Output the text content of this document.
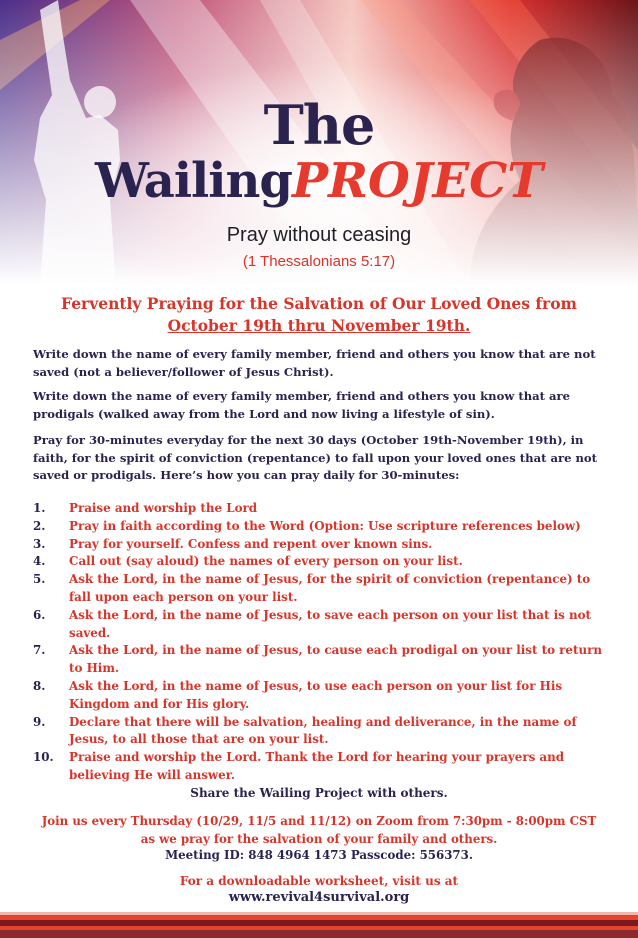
The
WailingPROJECT
Pray without ceasing
(1 Thessalonians 5:17)
Fervently Praying for the Salvation of Our Loved Ones from
October 19th thru November 19th.
Write down the name of every family member, friend and others you know that are not saved (not a believer/follower of Jesus Christ).
Write down the name of every family member, friend and others you know that are prodigals (walked away from the Lord and now living a lifestyle of sin).
Pray for 30-minutes everyday for the next 30 days (October 19th-November 19th), in faith, for the spirit of conviction (repentance) to fall upon your loved ones that are not saved or prodigals. Here’s how you can pray daily for 30-minutes:
1. Praise and worship the Lord
2. Pray in faith according to the Word (Option: Use scripture references below)
3. Pray for yourself. Confess and repent over known sins.
4. Call out (say aloud) the names of every person on your list.
5. Ask the Lord, in the name of Jesus, for the spirit of conviction (repentance) to fall upon each person on your list.
6. Ask the Lord, in the name of Jesus, to save each person on your list that is not saved.
7. Ask the Lord, in the name of Jesus, to cause each prodigal on your list to return to Him.
8. Ask the Lord, in the name of Jesus, to use each person on your list for His Kingdom and for His glory.
9. Declare that there will be salvation, healing and deliverance, in the name of Jesus, to all those that are on your list.
10. Praise and worship the Lord. Thank the Lord for hearing your prayers and believing He will answer.
Share the Wailing Project with others.
Join us every Thursday (10/29, 11/5 and 11/12) on Zoom from 7:30pm - 8:00pm CST
as we pray for the salvation of your family and others.
Meeting ID: 848 4964 1473 Passcode: 556373.
For a downloadable worksheet, visit us at
www.revival4survival.org
